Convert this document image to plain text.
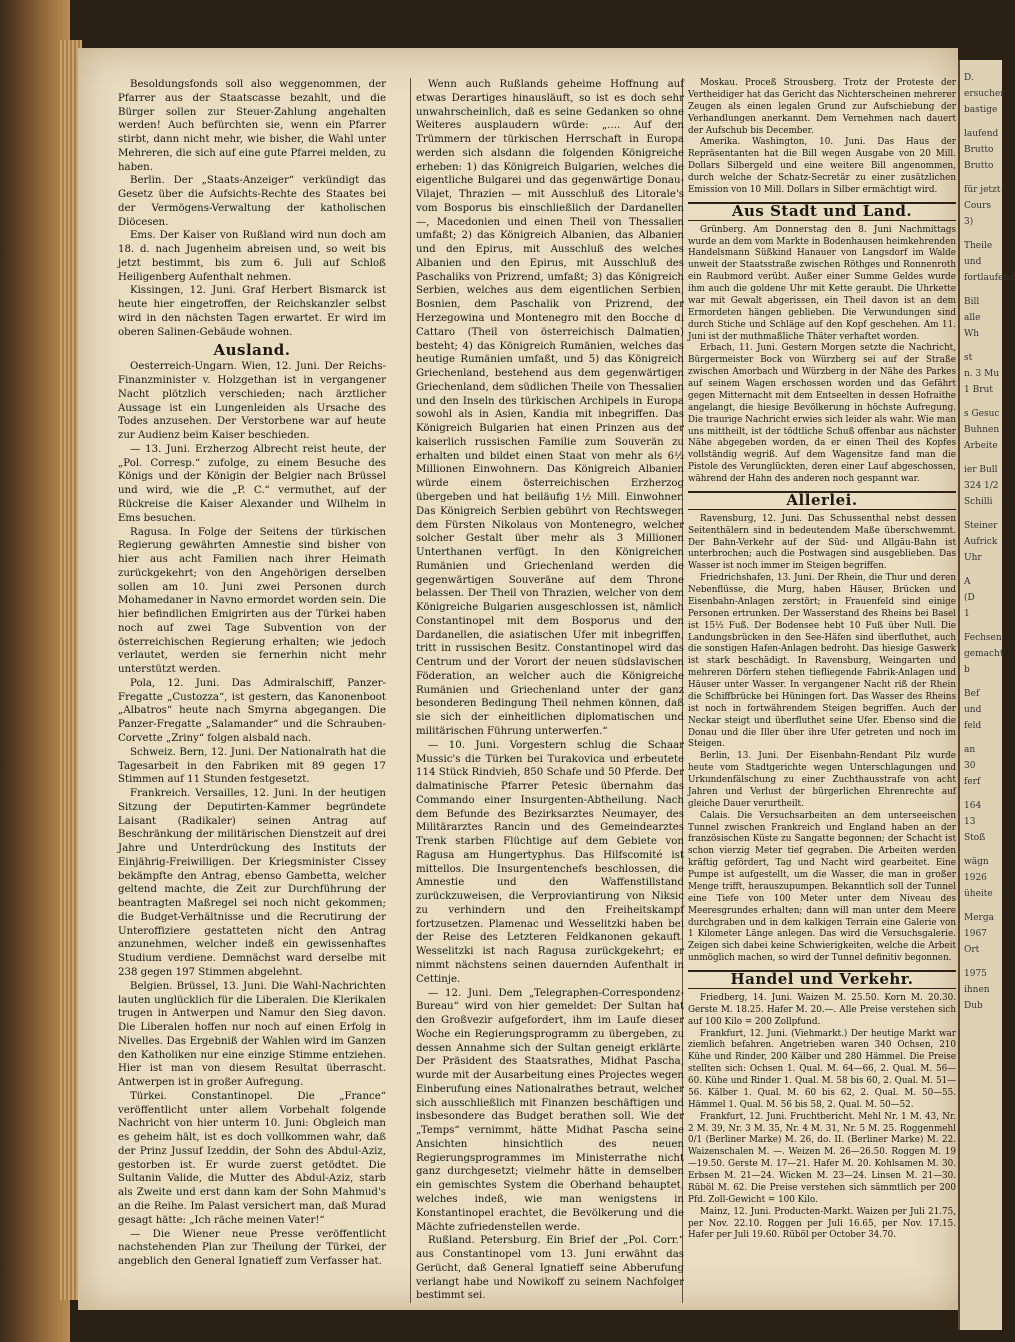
Besoldungsfonds soll also weggenommen, der Pfarrer aus der Staatscasse bezahlt, und die Bürger sollen zur Steuer-Zahlung angehalten werden! Auch befürchten sie, wenn ein Pfarrer stirbt, dann nicht mehr, wie bisher, die Wahl unter Mehreren, die sich auf eine gute Pfarrei melden, zu haben.

Berlin. Der „Staats-Anzeiger“ verkündigt das Gesetz über die Aufsichts-Rechte des Staates bei der Vermögens-Verwaltung der katholischen Diöcesen.

Ems. Der Kaiser von Rußland wird nun doch am 18. d. nach Jugenheim abreisen und, so weit bis jetzt bestimmt, bis zum 6. Juli auf Schloß Heiligenberg Aufenthalt nehmen.

Kissingen, 12. Juni. Graf Herbert Bismarck ist heute hier eingetroffen, der Reichskanzler selbst wird in den nächsten Tagen erwartet. Er wird im oberen Salinen-Gebäude wohnen.

Ausland.

Oesterreich-Ungarn. Wien, 12. Juni. Der Reichs-Finanzminister v. Holzgethan ist in vergangener Nacht plötzlich verschieden; nach ärztlicher Aussage ist ein Lungenleiden als Ursache des Todes anzusehen. Der Verstorbene war auf heute zur Audienz beim Kaiser beschieden.

— 13. Juni. Erzherzog Albrecht reist heute, der „Pol. Corresp.“ zufolge, zu einem Besuche des Königs und der Königin der Belgier nach Brüssel und wird, wie die „P. C.“ vermuthet, auf der Rückreise die Kaiser Alexander und Wilhelm in Ems besuchen.

Ragusa. In Folge der Seitens der türkischen Regierung gewährten Amnestie sind bisher von hier aus acht Familien nach ihrer Heimath zurückgekehrt; von den Angehörigen derselben sollen am 10. Juni zwei Personen durch Mohamedaner in Navno ermordet worden sein. Die hier befindlichen Emigrirten aus der Türkei haben noch auf zwei Tage Subvention von der österreichischen Regierung erhalten; wie jedoch verlautet, werden sie fernerhin nicht mehr unterstützt werden.

Pola, 12. Juni. Das Admiralschiff, Panzer-Fregatte „Custozza“, ist gestern, das Kanonenboot „Albatros“ heute nach Smyrna abgegangen. Die Panzer-Fregatte „Salamander“ und die Schrauben-Corvette „Zriny“ folgen alsbald nach.

Schweiz. Bern, 12. Juni. Der Nationalrath hat die Tagesarbeit in den Fabriken mit 89 gegen 17 Stimmen auf 11 Stunden festgesetzt.

Frankreich. Versailles, 12. Juni. In der heutigen Sitzung der Deputirten-Kammer begründete Laisant (Radikaler) seinen Antrag auf Beschränkung der militärischen Dienstzeit auf drei Jahre und Unterdrückung des Instituts der Einjährig-Freiwilligen. Der Kriegsminister Cissey bekämpfte den Antrag, ebenso Gambetta, welcher geltend machte, die Zeit zur Durchführung der beantragten Maßregel sei noch nicht gekommen; die Budget-Verhältnisse und die Recrutirung der Unteroffiziere gestatteten nicht den Antrag anzunehmen, welcher indeß ein gewissenhaftes Studium verdiene. Demnächst ward derselbe mit 238 gegen 197 Stimmen abgelehnt.

Belgien. Brüssel, 13. Juni. Die Wahl-Nachrichten lauten unglücklich für die Liberalen. Die Klerikalen trugen in Antwerpen und Namur den Sieg davon. Die Liberalen hoffen nur noch auf einen Erfolg in Nivelles. Das Ergebniß der Wahlen wird im Ganzen den Katholiken nur eine einzige Stimme entziehen. Hier ist man von diesem Resultat überrascht. Antwerpen ist in großer Aufregung.

Türkei. Constantinopel. Die „France“ veröffentlicht unter allem Vorbehalt folgende Nachricht von hier unterm 10. Juni: Obgleich man es geheim hält, ist es doch vollkommen wahr, daß der Prinz Jussuf Izeddin, der Sohn des Abdul-Aziz, gestorben ist. Er wurde zuerst getödtet. Die Sultanin Valide, die Mutter des Abdul-Aziz, starb als Zweite und erst dann kam der Sohn Mahmud's an die Reihe. Im Palast versichert man, daß Murad gesagt hätte: „Ich räche meinen Vater!“

— Die Wiener neue Presse veröffentlicht nachstehenden Plan zur Theilung der Türkei, der angeblich den General Ignatieff zum Verfasser hat.

Wenn auch Rußlands geheime Hoffnung auf etwas Derartiges hinausläuft, so ist es doch sehr unwahrscheinlich, daß es seine Gedanken so ohne Weiteres ausplaudern würde: „.... Auf den Trümmern der türkischen Herrschaft in Europa werden sich alsdann die folgenden Königreiche erheben: 1) das Königreich Bulgarien, welches die eigentliche Bulgarei und das gegenwärtige Donau-Vilajet, Thrazien — mit Ausschluß des Litorale's vom Bosporus bis einschließlich der Dardanellen —, Macedonien und einen Theil von Thessalien umfaßt; 2) das Königreich Albanien, das Albanien und den Epirus, mit Ausschluß des welches Albanien und den Epirus, mit Ausschluß des Paschaliks von Prizrend, umfaßt; 3) das Königreich Serbien, welches aus dem eigentlichen Serbien, Bosnien, dem Paschalik von Prizrend, der Herzegowina und Montenegro mit den Bocche di Cattaro (Theil von österreichisch Dalmatien) besteht; 4) das Königreich Rumänien, welches das heutige Rumänien umfaßt, und 5) das Königreich Griechenland, bestehend aus dem gegenwärtigen Griechenland, dem südlichen Theile von Thessalien und den Inseln des türkischen Archipels in Europa sowohl als in Asien, Kandia mit inbegriffen. Das Königreich Bulgarien hat einen Prinzen aus der kaiserlich russischen Familie zum Souverän zu erhalten und bildet einen Staat von mehr als 6½ Millionen Einwohnern. Das Königreich Albanien würde einem österreichischen Erzherzog übergeben und hat beiläufig 1½ Mill. Einwohner. Das Königreich Serbien gebührt von Rechtswegen dem Fürsten Nikolaus von Montenegro, welcher solcher Gestalt über mehr als 3 Millionen Unterthanen verfügt. In den Königreichen Rumänien und Griechenland werden die gegenwärtigen Souveräne auf dem Throne belassen. Der Theil von Thrazien, welcher von dem Königreiche Bulgarien ausgeschlossen ist, nämlich Constantinopel mit dem Bosporus und den Dardanellen, die asiatischen Ufer mit inbegriffen, tritt in russischen Besitz. Constantinopel wird das Centrum und der Vorort der neuen südslavischen Föderation, an welcher auch die Königreiche Rumänien und Griechenland unter der ganz besonderen Bedingung Theil nehmen können, daß sie sich der einheitlichen diplomatischen und militärischen Führung unterwerfen.“

— 10. Juni. Vorgestern schlug die Schaar Mussic's die Türken bei Turakovica und erbeutete 114 Stück Rindvieh, 850 Schafe und 50 Pferde. Der dalmatinische Pfarrer Petesic übernahm das Commando einer Insurgenten-Abtheilung. Nach dem Befunde des Bezirksarztes Neumayer, des Militärarztes Rancin und des Gemeindearztes Trenk starben Flüchtige auf dem Gebiete von Ragusa am Hungertyphus. Das Hilfscomité ist mittellos. Die Insurgentenchefs beschlossen, die Amnestie und den Waffenstillstand zurückzuweisen, die Verproviantirung von Niksic zu verhindern und den Freiheitskampf fortzusetzen. Plamenac und Wesselitzki haben bei der Reise des Letzteren Feldkanonen gekauft. Wesselitzki ist nach Ragusa zurückgekehrt; er nimmt nächstens seinen dauernden Aufenthalt in Cettinje.

— 12. Juni. Dem „Telegraphen-Correspondenz-Bureau“ wird von hier gemeldet: Der Sultan hat den Großvezir aufgefordert, ihm im Laufe dieser Woche ein Regierungsprogramm zu übergeben, zu dessen Annahme sich der Sultan geneigt erklärte. Der Präsident des Staatsrathes, Midhat Pascha, wurde mit der Ausarbeitung eines Projectes wegen Einberufung eines Nationalrathes betraut, welcher sich ausschließlich mit Finanzen beschäftigen und insbesondere das Budget berathen soll. Wie der „Temps“ vernimmt, hätte Midhat Pascha seine Ansichten hinsichtlich des neuen Regierungsprogrammes im Ministerrathe nicht ganz durchgesetzt; vielmehr hätte in demselben ein gemischtes System die Oberhand behauptet, welches indeß, wie man wenigstens in Konstantinopel erachtet, die Bevölkerung und die Mächte zufriedenstellen werde.

Rußland. Petersburg. Ein Brief der „Pol. Corr.“ aus Constantinopel vom 13. Juni erwähnt das Gerücht, daß General Ignatieff seine Abberufung verlangt habe und Nowikoff zu seinem Nachfolger bestimmt sei.

Moskau. Proceß Strousberg. Trotz der Proteste der Vertheidiger hat das Gericht das Nichterscheinen mehrerer Zeugen als einen legalen Grund zur Aufschiebung der Verhandlungen anerkannt. Dem Vernehmen nach dauert der Aufschub bis December.

Amerika. Washington, 10. Juni. Das Haus der Repräsentanten hat die Bill wegen Ausgabe von 20 Mill. Dollars Silbergeld und eine weitere Bill angenommen, durch welche der Schatz-Secretär zu einer zusätzlichen Emission von 10 Mill. Dollars in Silber ermächtigt wird.

Aus Stadt und Land.

Grünberg. Am Donnerstag den 8. Juni Nachmittags wurde an dem vom Markte in Bodenhausen heimkehrenden Handelsmann Süßkind Hanauer von Langsdorf im Walde unweit der Staatsstraße zwischen Röthges und Ronnenroth ein Raubmord verübt. Außer einer Summe Geldes wurde ihm auch die goldene Uhr mit Kette geraubt. Die Uhrkette war mit Gewalt abgerissen, ein Theil davon ist an dem Ermordeten hängen geblieben. Die Verwundungen sind durch Stiche und Schläge auf den Kopf geschehen. Am 11. Juni ist der muthmaßliche Thäter verhaftet worden.

Erbach, 11. Juni. Gestern Morgen setzte die Nachricht, Bürgermeister Bock von Würzberg sei auf der Straße zwischen Amorbach und Würzberg in der Nähe des Parkes auf seinem Wagen erschossen worden und das Gefährt gegen Mitternacht mit dem Entseelten in dessen Hofraithe angelangt, die hiesige Bevölkerung in höchste Aufregung. Die traurige Nachricht erwies sich leider als wahr. Wie man uns mittheilt, ist der tödtliche Schuß offenbar aus nächster Nähe abgegeben worden, da er einen Theil des Kopfes vollständig wegriß. Auf dem Wagensitze fand man die Pistole des Verunglückten, deren einer Lauf abgeschossen, während der Hahn des anderen noch gespannt war.

Allerlei.

Ravensburg, 12. Juni. Das Schussenthal nebst dessen Seitenthälern sind in bedeutendem Maße überschwemmt. Der Bahn-Verkehr auf der Süd- und Allgäu-Bahn ist unterbrochen; auch die Postwagen sind ausgeblieben. Das Wasser ist noch immer im Steigen begriffen.

Friedrichshafen, 13. Juni. Der Rhein, die Thur und deren Nebenflüsse, die Murg, haben Häuser, Brücken und Eisenbahn-Anlagen zerstört; in Frauenfeld sind einige Personen ertrunken. Der Wasserstand des Rheins bei Basel ist 15½ Fuß. Der Bodensee hebt 10 Fuß über Null. Die Landungsbrücken in den See-Häfen sind überfluthet, auch die sonstigen Hafen-Anlagen bedroht. Das hiesige Gaswerk ist stark beschädigt. In Ravensburg, Weingarten und mehreren Dörfern stehen tiefliegende Fabrik-Anlagen und Häuser unter Wasser. In vergangener Nacht riß der Rhein die Schiffbrücke bei Hüningen fort. Das Wasser des Rheins ist noch in fortwährendem Steigen begriffen. Auch der Neckar steigt und überfluthet seine Ufer. Ebenso sind die Donau und die Iller über ihre Ufer getreten und noch im Steigen.

Berlin, 13. Juni. Der Eisenbahn-Rendant Pilz wurde heute vom Stadtgerichte wegen Unterschlagungen und Urkundenfälschung zu einer Zuchthausstrafe von acht Jahren und Verlust der bürgerlichen Ehrenrechte auf gleiche Dauer verurtheilt.

Calais. Die Versuchsarbeiten an dem unterseeischen Tunnel zwischen Frankreich und England haben an der französischen Küste zu Sangatte begonnen; der Schacht ist schon vierzig Meter tief gegraben. Die Arbeiten werden kräftig gefördert, Tag und Nacht wird gearbeitet. Eine Pumpe ist aufgestellt, um die Wasser, die man in großer Menge trifft, herauszupumpen. Bekanntlich soll der Tunnel eine Tiefe von 100 Meter unter dem Niveau des Meeresgrundes erhalten; dann will man unter dem Meere durchgraben und in dem kalkigen Terrain eine Galerie von 1 Kilometer Länge anlegen. Das wird die Versuchsgalerie. Zeigen sich dabei keine Schwierigkeiten, welche die Arbeit unmöglich machen, so wird der Tunnel definitiv begonnen.

Handel und Verkehr.

Friedberg, 14. Juni. Waizen M. 25.50. Korn M. 20.30. Gerste M. 18.25. Hafer M. 20.—. Alle Preise verstehen sich auf 100 Kilo = 200 Zollpfund.

Frankfurt, 12. Juni. (Viehmarkt.) Der heutige Markt war ziemlich befahren. Angetrieben waren 340 Ochsen, 210 Kühe und Rinder, 200 Kälber und 280 Hämmel. Die Preise stellten sich: Ochsen 1. Qual. M. 64—66, 2. Qual. M. 56—60. Kühe und Rinder 1. Qual. M. 58 bis 60, 2. Qual. M. 51—56. Kälber 1. Qual. M. 60 bis 62, 2. Qual. M. 50—55. Hämmel 1. Qual. M. 56 bis 58, 2. Qual. M. 50—52.

Frankfurt, 12. Juni. Fruchtbericht. Mehl Nr. 1 M. 43, Nr. 2 M. 39, Nr. 3 M. 35, Nr. 4 M. 31, Nr. 5 M. 25. Roggenmehl 0/1 (Berliner Marke) M. 26, do. II. (Berliner Marke) M. 22. Waizenschalen M. —. Weizen M. 26—26.50. Roggen M. 19—19.50. Gerste M. 17—21. Hafer M. 20. Kohlsamen M. 30. Erbsen M. 21—24. Wicken M. 23—24. Linsen M. 21—30. Rüböl M. 62. Die Preise verstehen sich sämmtlich per 200 Pfd. Zoll-Gewicht = 100 Kilo.

Mainz, 12. Juni. Producten-Markt. Waizen per Juli 21.75, per Nov. 22.10. Roggen per Juli 16.65, per Nov. 17.15. Hafer per Juli 19.60. Rüböl per October 34.70.

D.
ersucher
bastige
laufend
Brutto
Brutto
für jetzt
Cours
3)
Theile
und
fortlaufend
Bill
alle
Wh
st
n. 3 Mu
1 Brut
s Gesuc
Buhnen
Arbeite
ier Bull
324 1/2
Schilli
Steiner
Aufrick
Uhr
A
(D
1
Fechsen
gemacht
b
Bef
und
feld
an
30
ferf
164
13
Stoß
wägn
1926
üheite
Merga
1967
Ort
1975
ihnen
Dub
